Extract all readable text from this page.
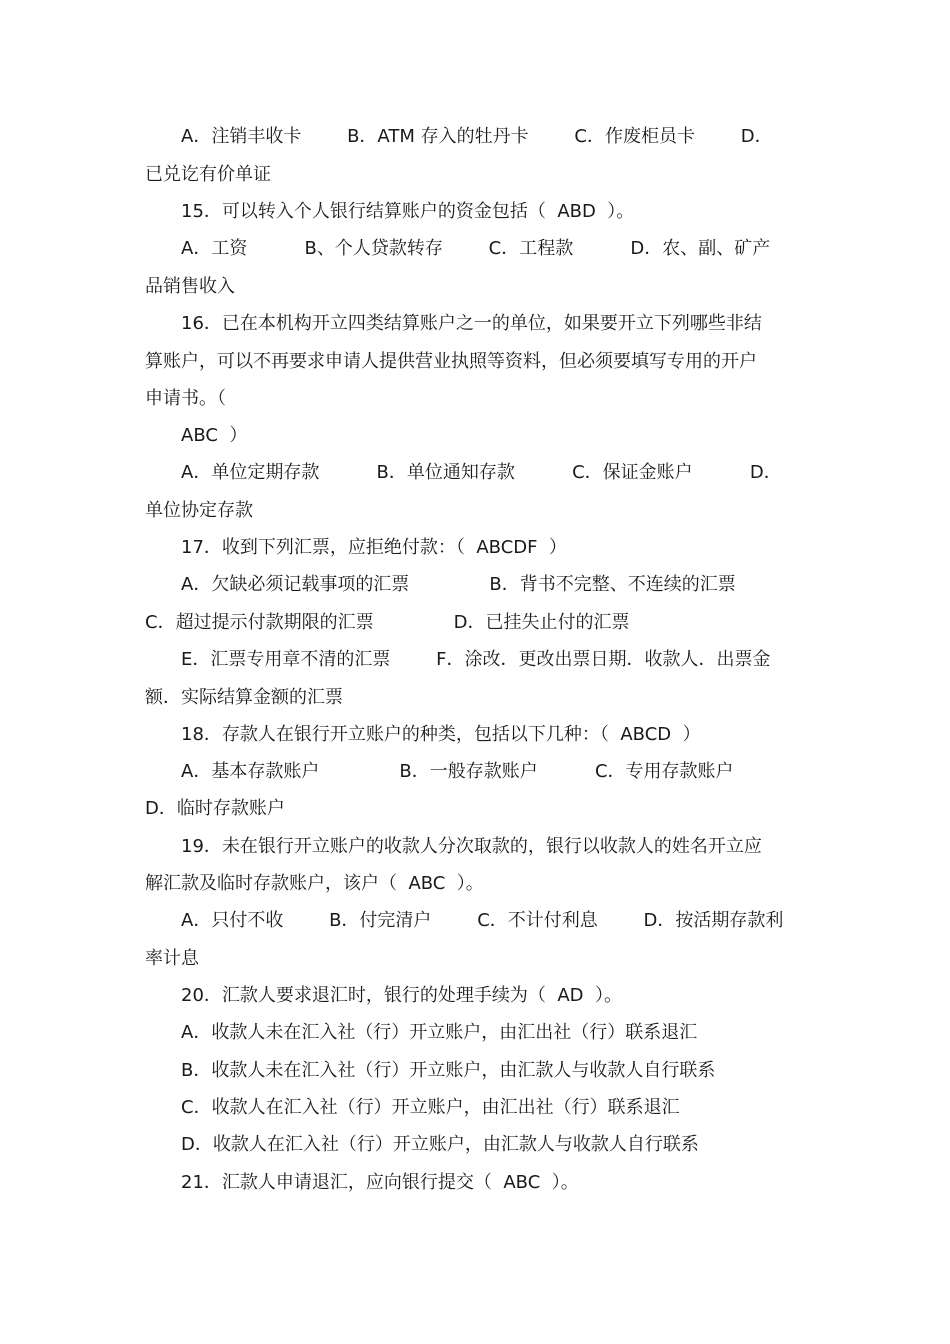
A．注销丰收卡        B．ATM 存入的牡丹卡        C．作废柜员卡        D．
已兑讫有价单证
15．可以转入个人银行结算账户的资金包括（  ABD  ）。
A．工资          B、个人贷款转存        C．工程款          D．农、副、矿产
品销售收入
16．已在本机构开立四类结算账户之一的单位，如果要开立下列哪些非结
算账户，可以不再要求申请人提供营业执照等资料，但必须要填写专用的开户
申请书。（
ABC  ）
A．单位定期存款          B．单位通知存款          C．保证金账户          D．
单位协定存款
17．收到下列汇票，应拒绝付款：（  ABCDF  ）
A．欠缺必须记载事项的汇票              B．背书不完整、不连续的汇票
C．超过提示付款期限的汇票              D．已挂失止付的汇票
E．汇票专用章不清的汇票        F．涂改．更改出票日期．收款人．出票金
额．实际结算金额的汇票
18．存款人在银行开立账户的种类，包括以下几种：（  ABCD  ）
A．基本存款账户              B．一般存款账户          C．专用存款账户
D．临时存款账户
19．未在银行开立账户的收款人分次取款的，银行以收款人的姓名开立应
解汇款及临时存款账户，该户（  ABC  ）。
A．只付不收        B．付完清户        C．不计付利息        D．按活期存款利
率计息
20．汇款人要求退汇时，银行的处理手续为（  AD  ）。
A．收款人未在汇入社（行）开立账户，由汇出社（行）联系退汇
B．收款人未在汇入社（行）开立账户，由汇款人与收款人自行联系
C．收款人在汇入社（行）开立账户，由汇出社（行）联系退汇
D．收款人在汇入社（行）开立账户，由汇款人与收款人自行联系
21．汇款人申请退汇，应向银行提交（  ABC  ）。
